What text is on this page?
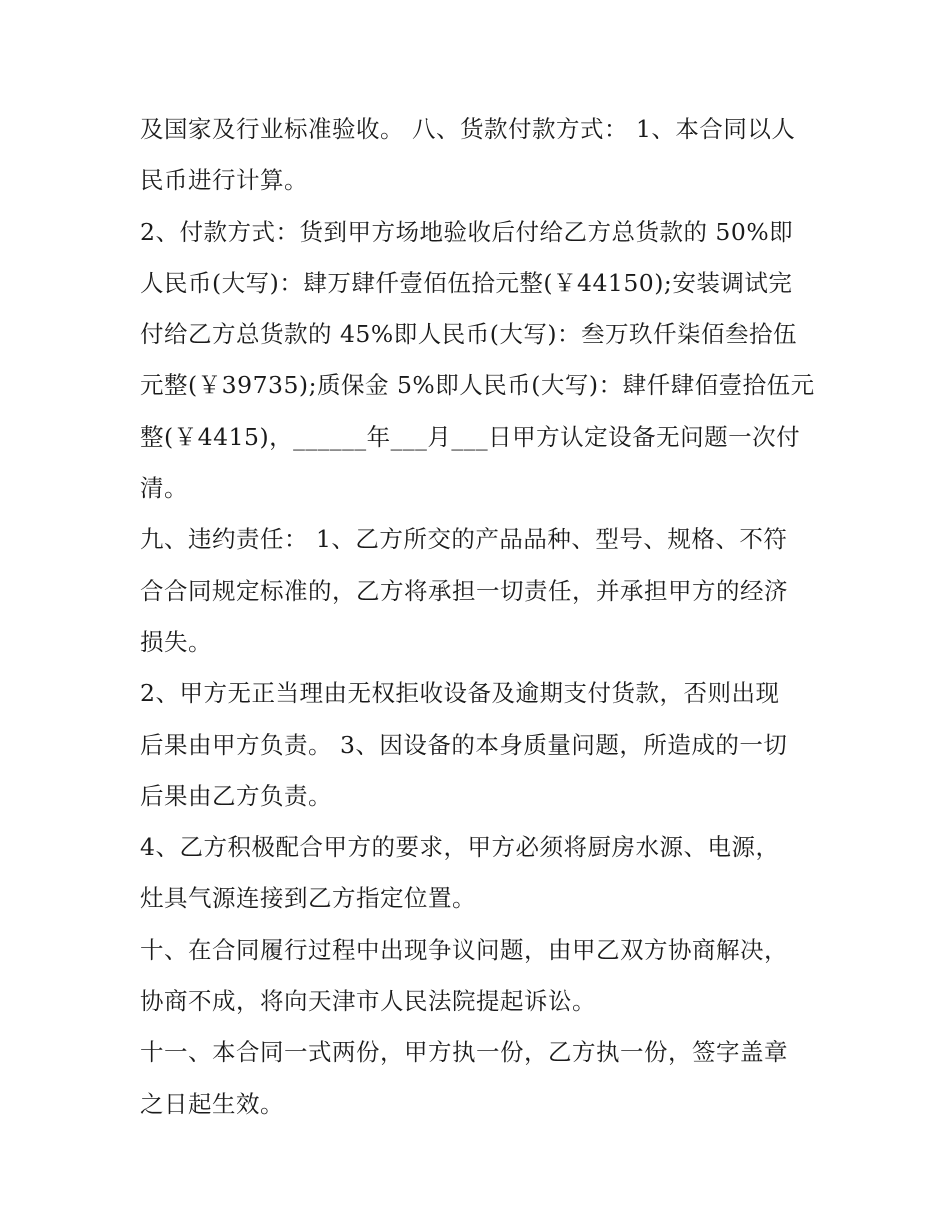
及国家及行业标准验收。 八、货款付款方式： 1、本合同以人
民币进行计算。
2、付款方式：货到甲方场地验收后付给乙方总货款的 50%即
人民币(大写)：肆万肆仟壹佰伍拾元整(￥44150);安装调试完
付给乙方总货款的 45%即人民币(大写)：叁万玖仟柒佰叁拾伍
元整(￥39735);质保金 5%即人民币(大写)：肆仟肆佰壹拾伍元
整(￥4415)，______年___月___日甲方认定设备无问题一次付
清。
九、违约责任： 1、乙方所交的产品品种、型号、规格、不符
合合同规定标准的，乙方将承担一切责任，并承担甲方的经济
损失。
2、甲方无正当理由无权拒收设备及逾期支付货款，否则出现
后果由甲方负责。 3、因设备的本身质量问题，所造成的一切
后果由乙方负责。
4、乙方积极配合甲方的要求，甲方必须将厨房水源、电源，
灶具气源连接到乙方指定位置。
十、在合同履行过程中出现争议问题，由甲乙双方协商解决，
协商不成，将向天津市人民法院提起诉讼。
十一、本合同一式两份，甲方执一份，乙方执一份，签字盖章
之日起生效。
